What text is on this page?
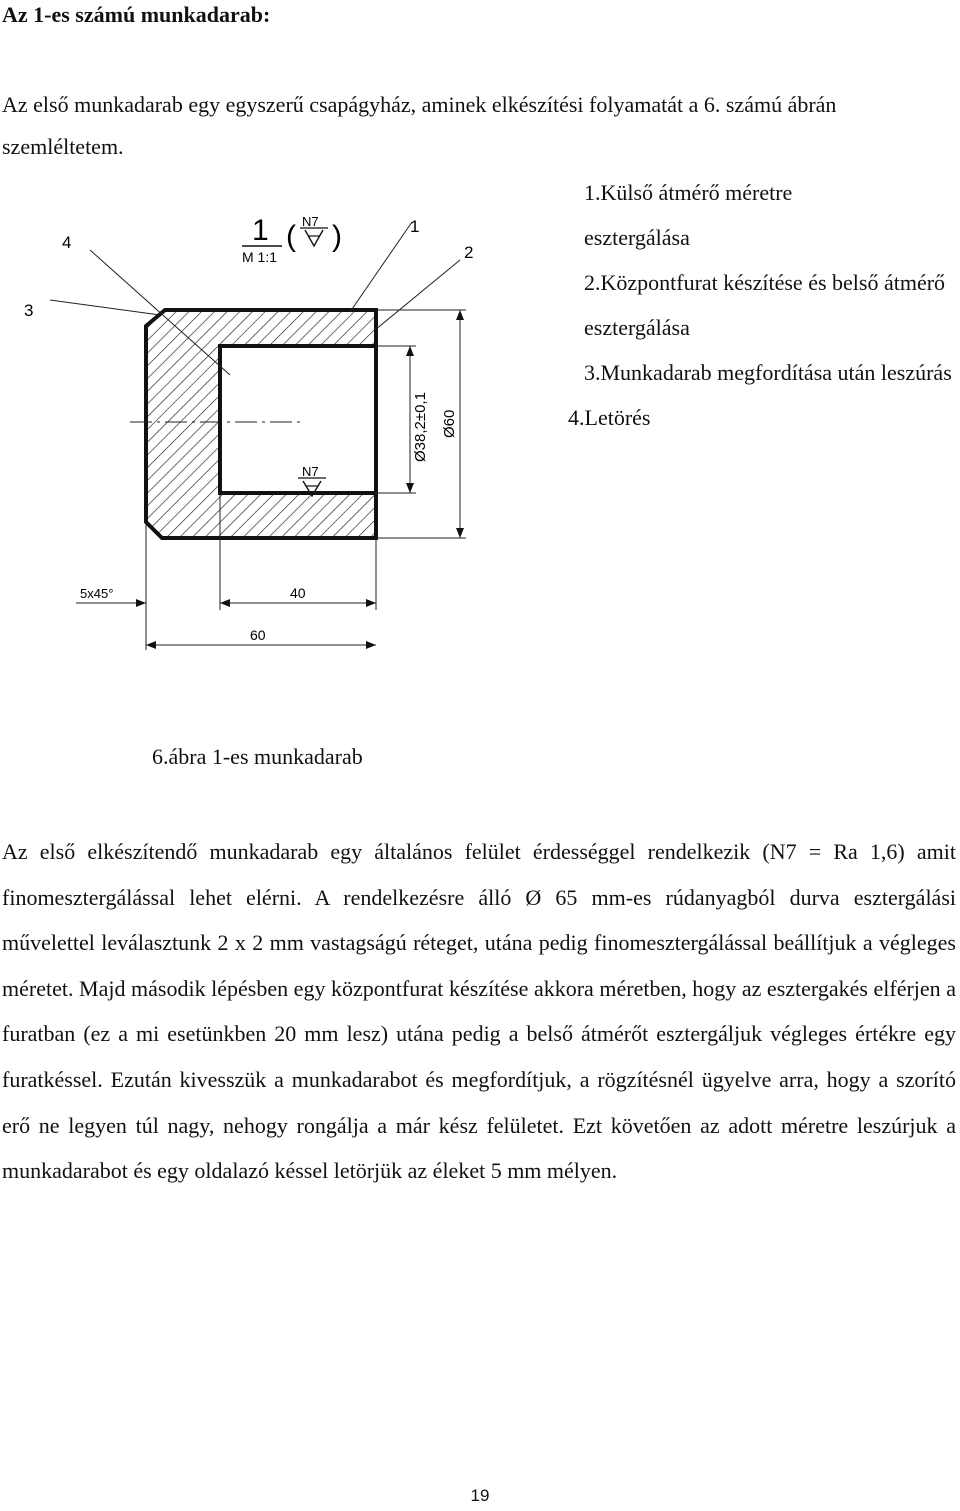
Az 1-es számú munkadarab:

Az első munkadarab egy egyszerű csapágyház, aminek elkészítési folyamatát a 6. számú ábrán szemléltetem.

1.Külső átmérő méretre esztergálása
2.Központfurat készítése és belső átmérő esztergálása
3.Munkadarab megfordítása után leszúrás
4.Letörés
4
3
1
2
1
M 1:1
( N7 )
N7
Ø38,2±0,1 Ø60
40
60
5x45°

6.ábra 1-es munkadarab

Az első elkészítendő munkadarab egy általános felület érdességgel rendelkezik (N7 = Ra 1,6) amit finomesztergálással lehet elérni. A rendelkezésre álló Ø 65 mm-es rúdanyagból durva esztergálási művelettel leválasztunk 2 x 2 mm vastagságú réteget, utána pedig finomesztergálással beállítjuk a végleges méretet. Majd második lépésben egy központfurat készítése akkora méretben, hogy az esztergakés elférjen a furatban (ez a mi esetünkben 20 mm lesz) utána pedig a belső átmérőt esztergáljuk végleges értékre egy furatkéssel. Ezután kivesszük a munkadarabot és megfordítjuk, a rögzítésnél ügyelve arra, hogy a szorító erő ne legyen túl nagy, nehogy rongálja a már kész felületet. Ezt követően az adott méretre leszúrjuk a munkadarabot és egy oldalazó késsel letörjük az éleket 5 mm mélyen.

19
